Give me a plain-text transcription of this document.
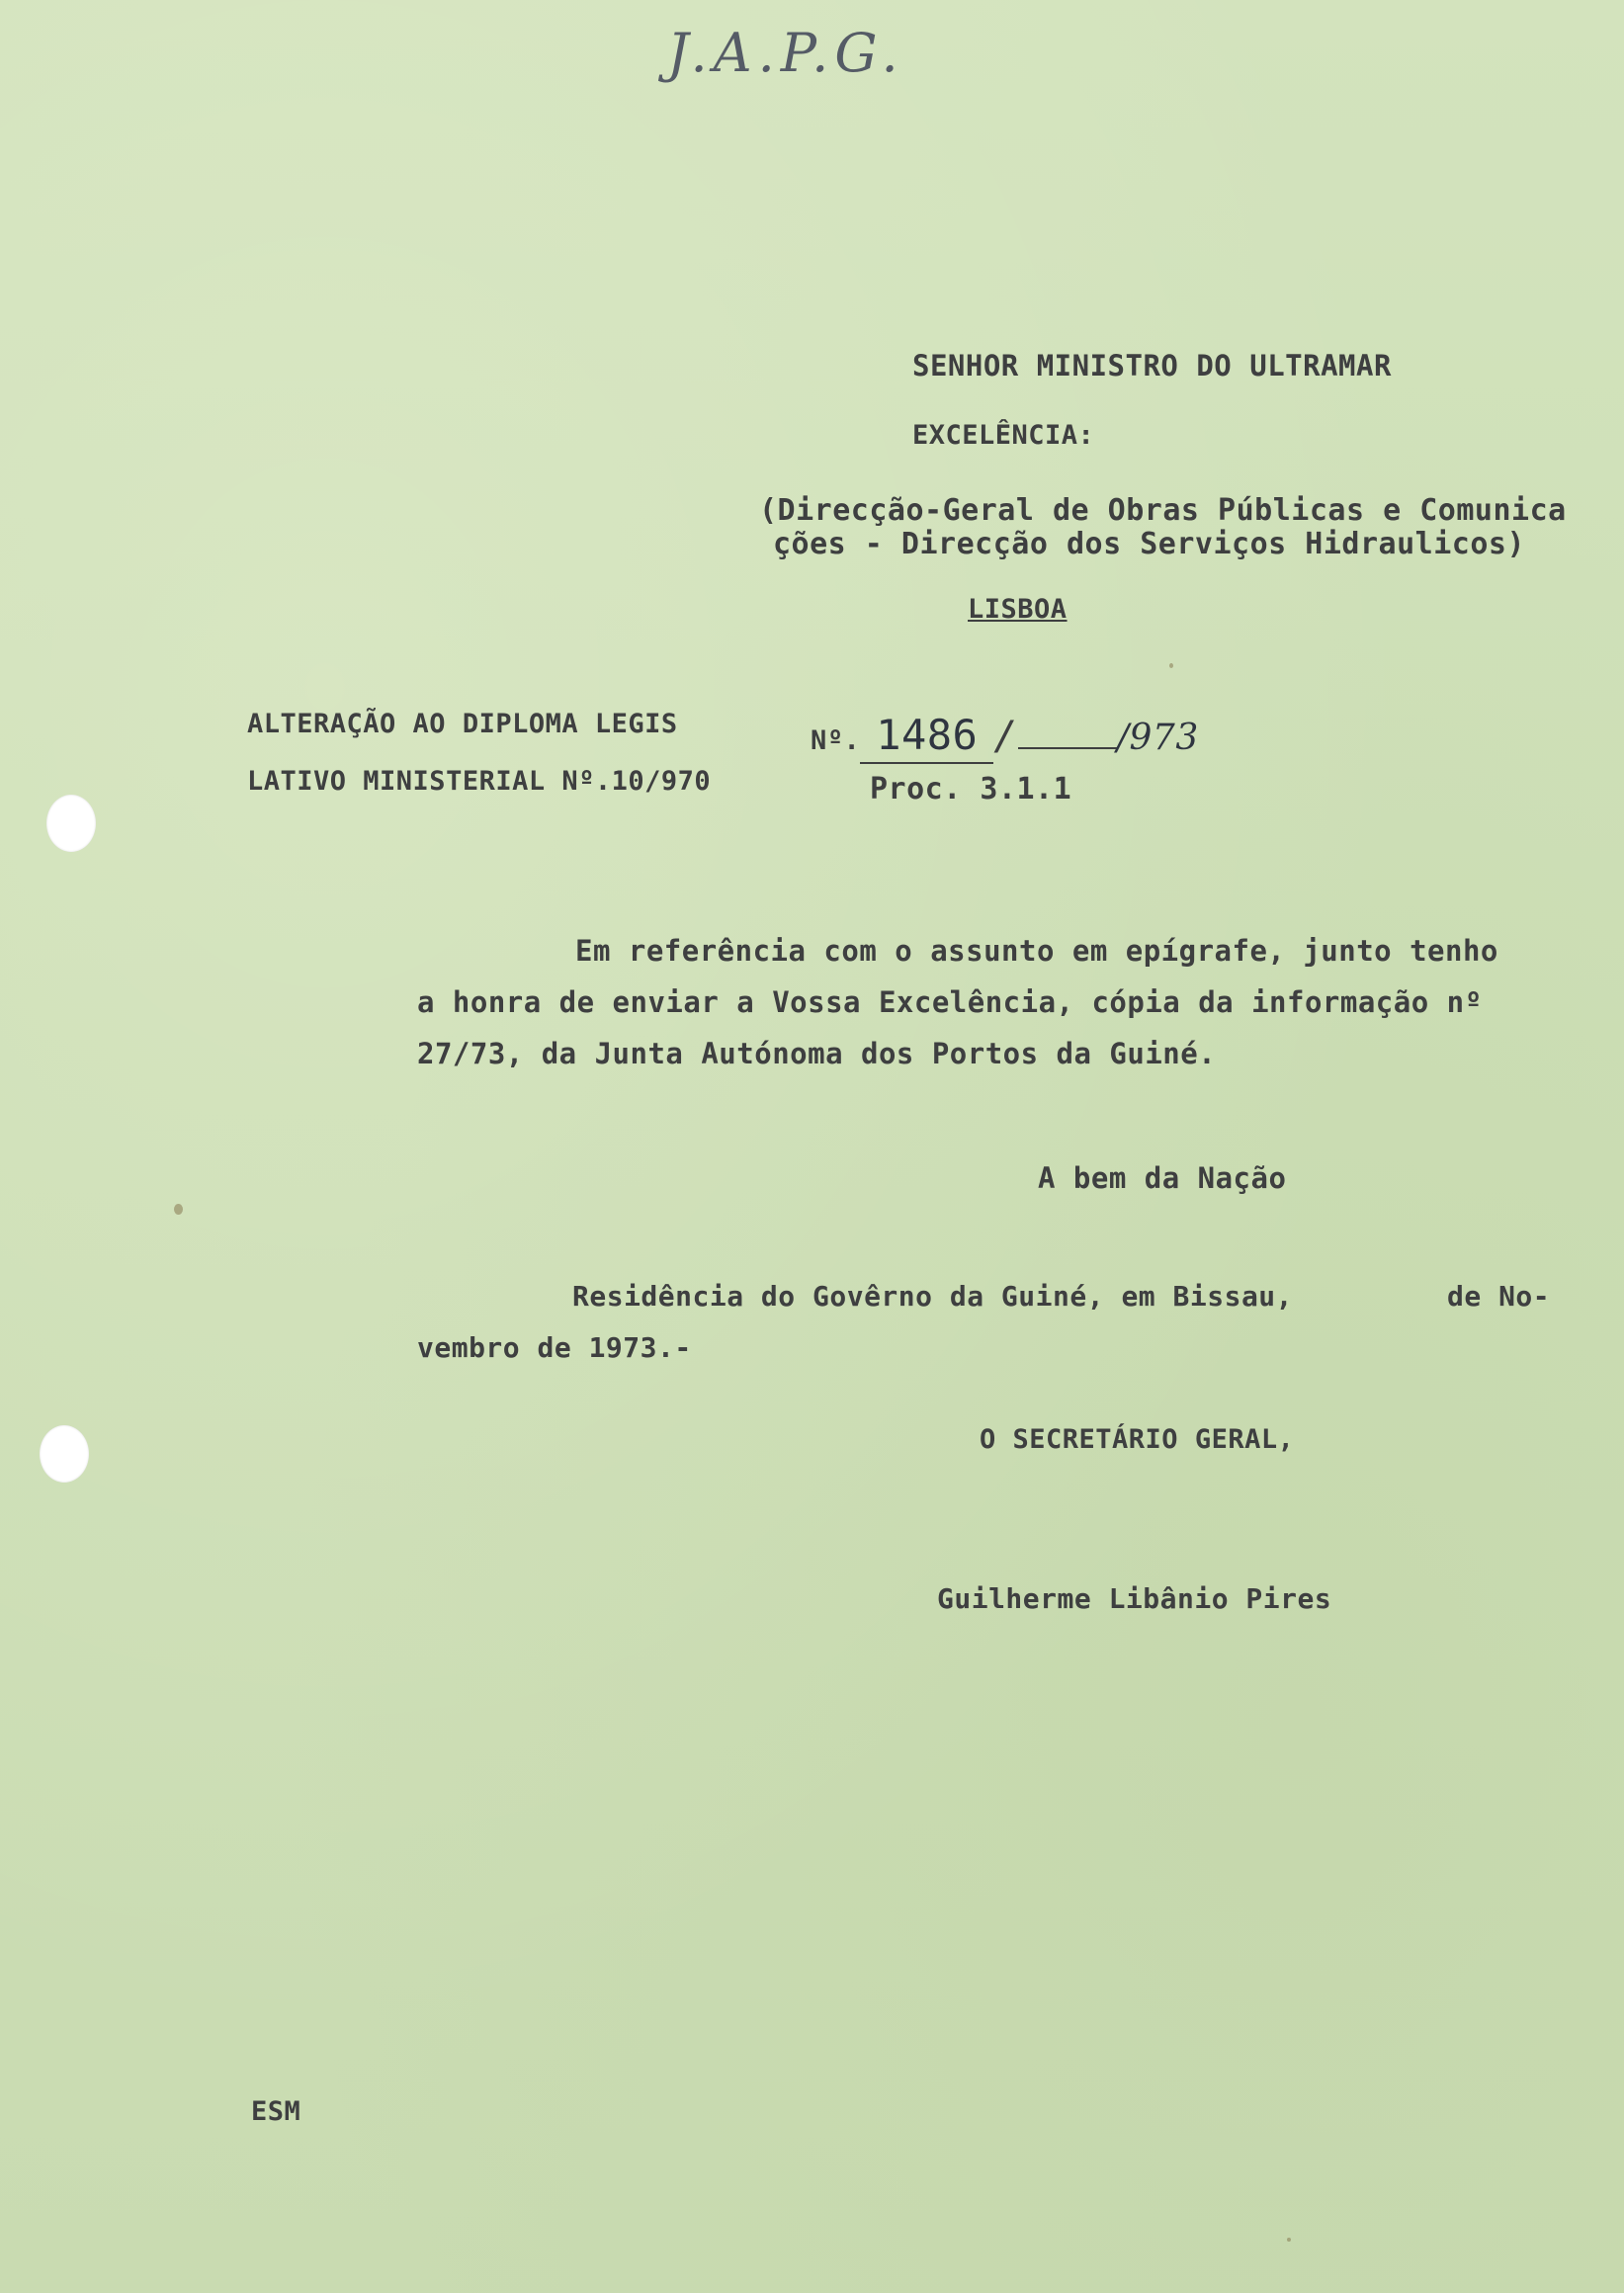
J.A.P.G.
SENHOR MINISTRO DO ULTRAMAR
EXCELÊNCIA:
(Direcção-Geral de Obras Públicas e Comunica
ções - Direcção dos Serviços Hidraulicos)
LISBOA
ALTERAÇÃO AO DIPLOMA LEGIS
LATIVO MINISTERIAL Nº.10/970
Nº. 1486 /	/973
Proc. 3.1.1
Em referência com o assunto em epígrafe, junto tenho
a honra de enviar a Vossa Excelência, cópia da informação nº
27/73, da Junta Autónoma dos Portos da Guiné.
A bem da Nação
Residência do Govêrno da Guiné, em Bissau,	de No-
vembro de 1973.-
O SECRETÁRIO GERAL,
Guilherme Libânio Pires
ESM
